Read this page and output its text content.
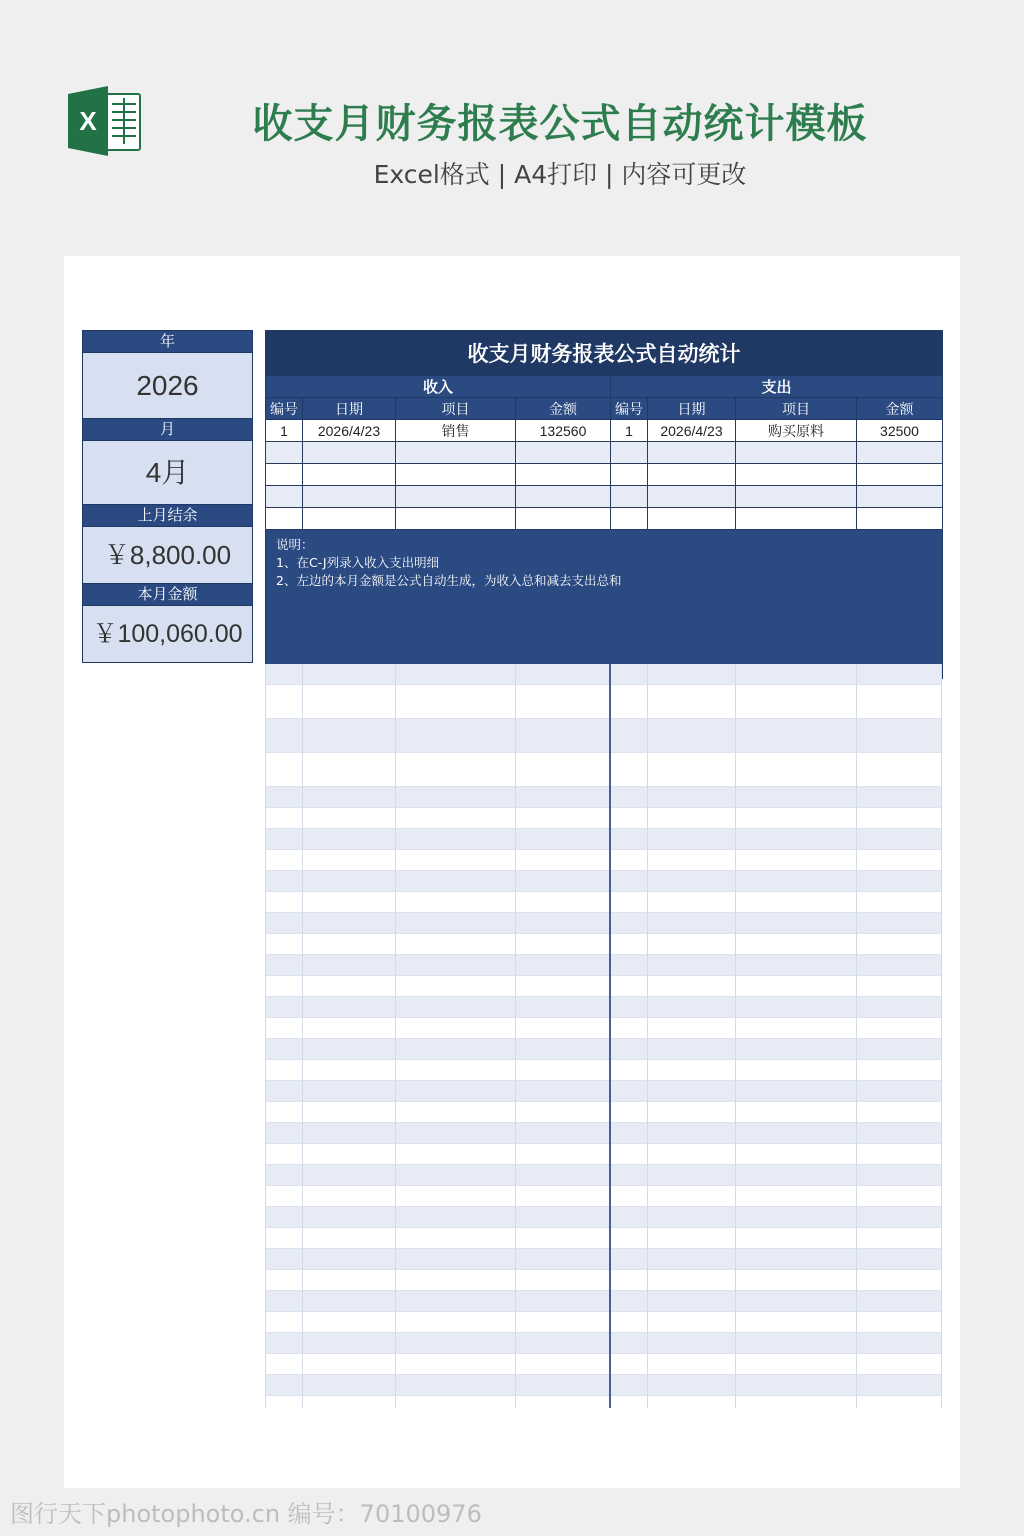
X	收支月财务报表公式自动统计模板
Excel格式 | A4打印 | 内容可更改
年
2026
月
4月
上月结余
￥8,800.00
本月金额
￥100,060.00
收支月财务报表公式自动统计							
收入				支出			
编号	日期	项目	金额	编号	日期	项目	金额
1	2026/4/23	销售	132560	1	2026/4/23	购买原料	32500

说明：
1、在C-J列录入收入支出明细
2、左边的本月金额是公式自动生成，为收入总和减去支出总和							
图行天下photophoto.cn 编号：70100976
